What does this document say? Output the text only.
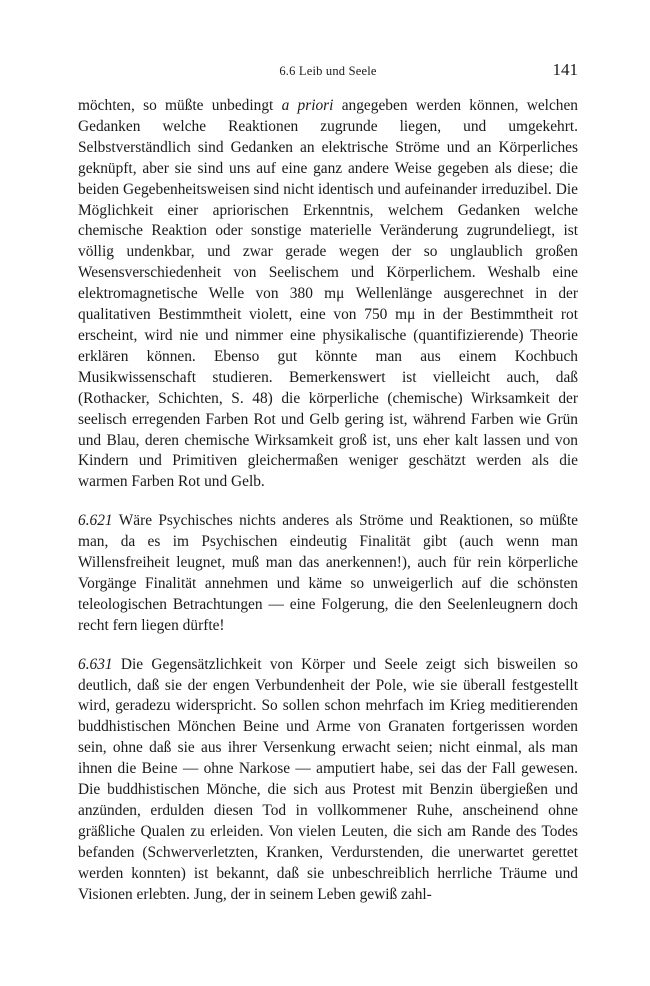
6.6 Leib und Seele	141

möchten, so müßte unbedingt a priori angegeben werden können, welchen Gedanken welche Reaktionen zugrunde liegen, und umgekehrt. Selbstverständlich sind Gedanken an elektrische Ströme und an Körperliches geknüpft, aber sie sind uns auf eine ganz andere Weise gegeben als diese; die beiden Gegebenheitsweisen sind nicht identisch und aufeinander irreduzibel. Die Möglichkeit einer apriorischen Erkenntnis, welchem Gedanken welche chemische Reaktion oder sonstige materielle Veränderung zugrundeliegt, ist völlig undenkbar, und zwar gerade wegen der so unglaublich großen Wesensverschiedenheit von Seelischem und Körperlichem. Weshalb eine elektromagnetische Welle von 380 mμ Wellenlänge ausgerechnet in der qualitativen Bestimmtheit violett, eine von 750 mμ in der Bestimmtheit rot erscheint, wird nie und nimmer eine physikalische (quantifizierende) Theorie erklären können. Ebenso gut könnte man aus einem Kochbuch Musikwissenschaft studieren. Bemerkenswert ist vielleicht auch, daß (Rothacker, Schichten, S. 48) die körperliche (chemische) Wirksamkeit der seelisch erregenden Farben Rot und Gelb gering ist, während Farben wie Grün und Blau, deren chemische Wirksamkeit groß ist, uns eher kalt lassen und von Kindern und Primitiven gleichermaßen weniger geschätzt werden als die warmen Farben Rot und Gelb.

6.621 Wäre Psychisches nichts anderes als Ströme und Reaktionen, so müßte man, da es im Psychischen eindeutig Finalität gibt (auch wenn man Willensfreiheit leugnet, muß man das anerkennen!), auch für rein körperliche Vorgänge Finalität annehmen und käme so unweigerlich auf die schönsten teleologischen Betrachtungen — eine Folgerung, die den Seelenleugnern doch recht fern liegen dürfte!

6.631 Die Gegensätzlichkeit von Körper und Seele zeigt sich bisweilen so deutlich, daß sie der engen Verbundenheit der Pole, wie sie überall festgestellt wird, geradezu widerspricht. So sollen schon mehrfach im Krieg meditierenden buddhistischen Mönchen Beine und Arme von Granaten fortgerissen worden sein, ohne daß sie aus ihrer Versenkung erwacht seien; nicht einmal, als man ihnen die Beine — ohne Narkose — amputiert habe, sei das der Fall gewesen. Die buddhistischen Mönche, die sich aus Protest mit Benzin übergießen und anzünden, erdulden diesen Tod in vollkommener Ruhe, anscheinend ohne gräßliche Qualen zu erleiden. Von vielen Leuten, die sich am Rande des Todes befanden (Schwerverletzten, Kranken, Verdurstenden, die unerwartet gerettet werden konnten) ist bekannt, daß sie unbeschreiblich herrliche Träume und Visionen erlebten. Jung, der in seinem Leben gewiß zahl-
